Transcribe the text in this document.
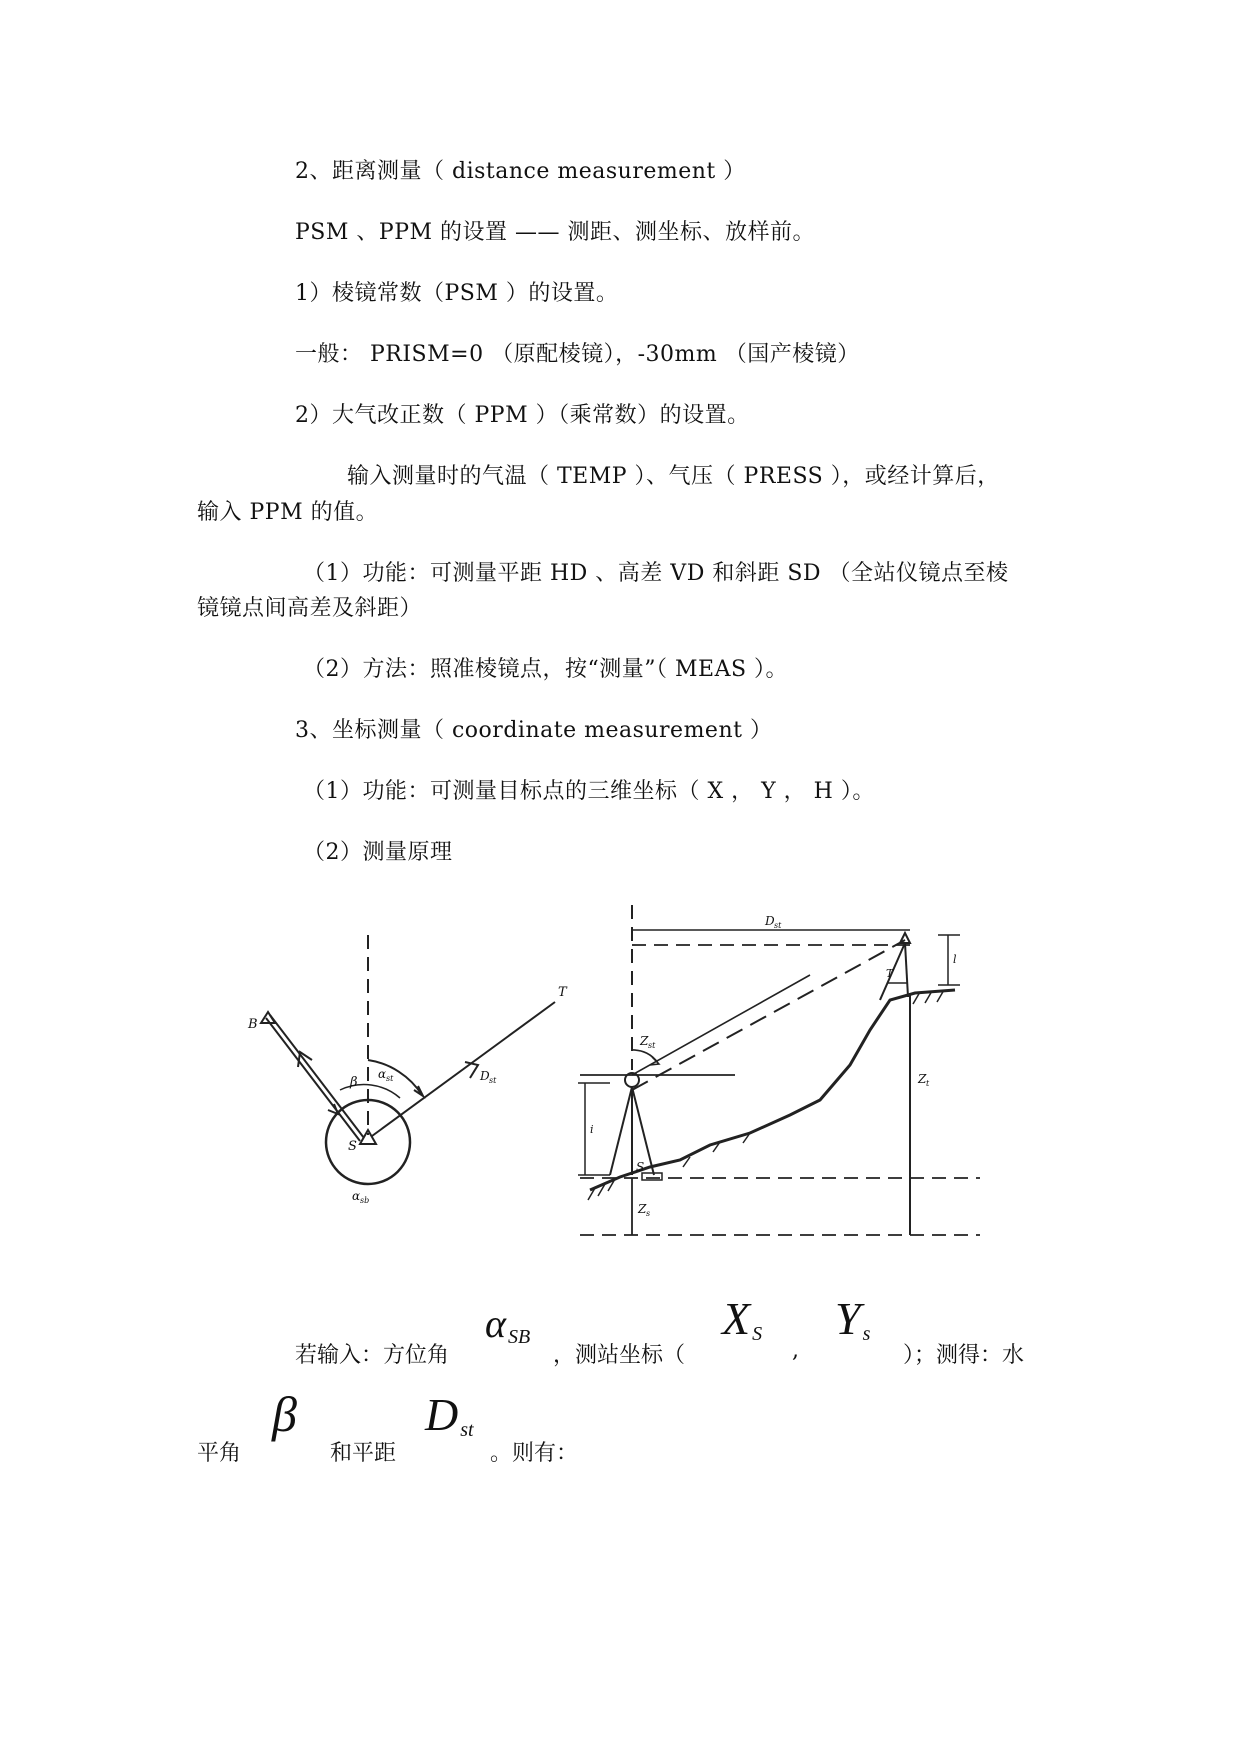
2、距离测量（ distance measurement ）
PSM 、PPM 的设置 —— 测距、测坐标、放样前。
1）棱镜常数（PSM ）的设置。
一般： PRISM=0 （原配棱镜），-30mm （国产棱镜）
2）大气改正数（ PPM ）（乘常数）的设置。
输入测量时的气温（ TEMP ）、气压（ PRESS ），或经计算后，
输入 PPM 的值。
（1）功能：可测量平距 HD 、高差 VD 和斜距 SD （全站仪镜点至棱
镜镜点间高差及斜距）
（2）方法：照准棱镜点，按“测量”（ MEAS ）。
3、坐标测量（ coordinate measurement ）
（1）功能：可测量目标点的三维坐标（ X ， Y ， H ）。
（2）测量原理
B
T
S
β
α st	D st
α sb
D st
Z st
Z t
Z s
S
T
i
l
若输入：方位角
α $_{SB}$
，测站坐标（
X $_S$
,
Y $_s$
）；测得：水
平角
β
和平距
D $_{st}$
。则有：
